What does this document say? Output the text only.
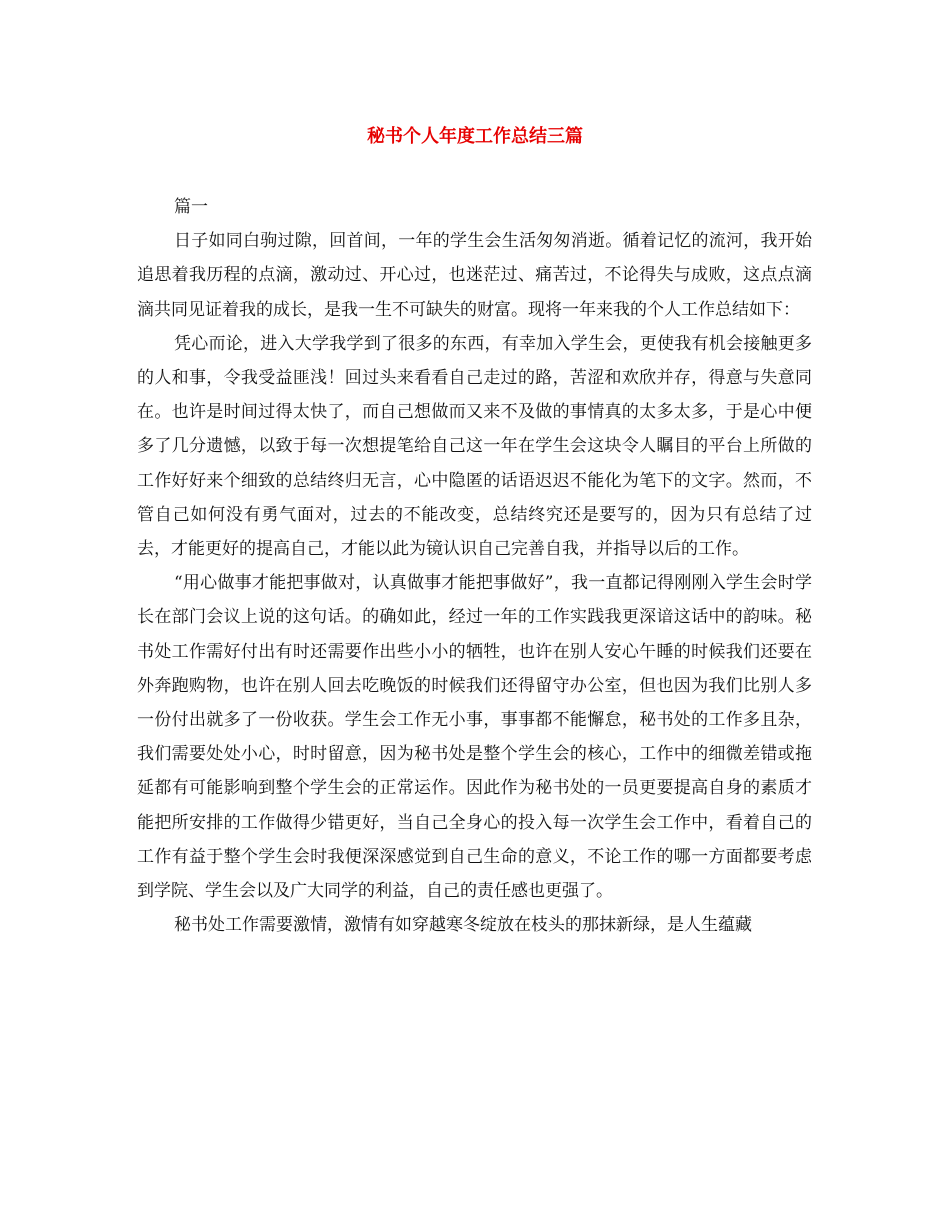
秘书个人年度工作总结三篇

篇一

日子如同白驹过隙，回首间，一年的学生会生活匆匆消逝。循着记忆的流河，我开始追思着我历程的点滴，激动过、开心过，也迷茫过、痛苦过，不论得失与成败，这点点滴滴共同见证着我的成长，是我一生不可缺失的财富。现将一年来我的个人工作总结如下：

凭心而论，进入大学我学到了很多的东西，有幸加入学生会，更使我有机会接触更多的人和事，令我受益匪浅！回过头来看看自己走过的路，苦涩和欢欣并存，得意与失意同在。也许是时间过得太快了，而自己想做而又来不及做的事情真的太多太多，于是心中便多了几分遗憾，以致于每一次想提笔给自己这一年在学生会这块令人瞩目的平台上所做的工作好好来个细致的总结终归无言，心中隐匿的话语迟迟不能化为笔下的文字。然而，不管自己如何没有勇气面对，过去的不能改变，总结终究还是要写的，因为只有总结了过去，才能更好的提高自己，才能以此为镜认识自己完善自我，并指导以后的工作。

“用心做事才能把事做对，认真做事才能把事做好”，我一直都记得刚刚入学生会时学长在部门会议上说的这句话。的确如此，经过一年的工作实践我更深谙这话中的韵味。秘书处工作需好付出有时还需要作出些小小的牺牲，也许在别人安心午睡的时候我们还要在外奔跑购物，也许在别人回去吃晚饭的时候我们还得留守办公室，但也因为我们比别人多一份付出就多了一份收获。学生会工作无小事，事事都不能懈怠，秘书处的工作多且杂，我们需要处处小心，时时留意，因为秘书处是整个学生会的核心，工作中的细微差错或拖延都有可能影响到整个学生会的正常运作。因此作为秘书处的一员更要提高自身的素质才能把所安排的工作做得少错更好，当自己全身心的投入每一次学生会工作中，看着自己的工作有益于整个学生会时我便深深感觉到自己生命的意义，不论工作的哪一方面都要考虑到学院、学生会以及广大同学的利益，自己的责任感也更强了。

秘书处工作需要激情，激情有如穿越寒冬绽放在枝头的那抹新绿，是人生蕴藏
